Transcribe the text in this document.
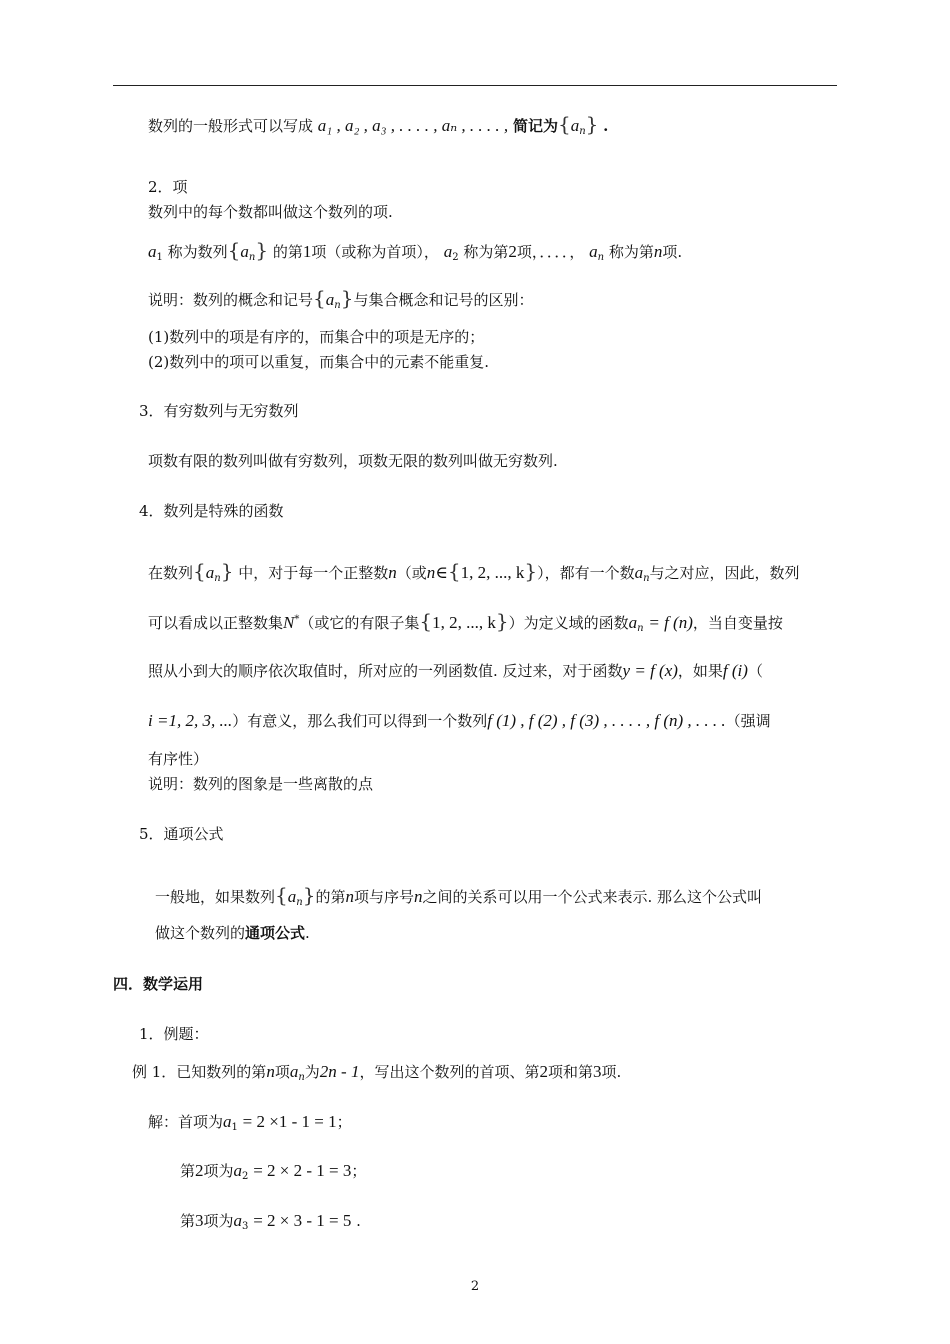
数列的一般形式可以写成 a₁ , a₂ , a₃ , . . . . , aₙ , . . . . , 简记为$\{a_n\}$ .
2．项
数列中的每个数都叫做这个数列的项.
$a_1$ 称为数列$\{a_n\}$ 的第1项（或称为首项）， $a_2$ 称为第2项，．．．．， $a_n$ 称为第n项.
说明：数列的概念和记号$\{a_n\}$与集合概念和记号的区别：
(1)数列中的项是有序的，而集合中的项是无序的；
(2)数列中的项可以重复，而集合中的元素不能重复.
3．有穷数列与无穷数列
项数有限的数列叫做有穷数列，项数无限的数列叫做无穷数列.
4．数列是特殊的函数
在数列$\{a_n\}$ 中，对于每一个正整数n（或n∈{1, 2, ..., k}），都有一个数$a_n$与之对应，因此，数列
可以看成以正整数集N*（或它的有限子集{1, 2, ..., k}）为定义域的函数$a_n = f$ (n)，当自变量按
照从小到大的顺序依次取值时，所对应的一列函数值. 反过来，对于函数y = f (x)，如果f (i)（
i =1, 2, 3, ...）有意义，那么我们可以得到一个数列f (1) , f (2) , f (3) , . . . . , f (n) , . . . .（强调
有序性）
说明：数列的图象是一些离散的点
5．通项公式
一般地，如果数列$\{a_n\}$的第n项与序号n之间的关系可以用一个公式来表示. 那么这个公式叫
做这个数列的通项公式.
四．数学运用
1．例题：
例 1．已知数列的第n项$a_n$为2n - 1，写出这个数列的首项、第2项和第3项.
解：首项为$a_1 = 2 \times 1 - 1 = 1$；
第2项为$a_2 = 2 \times 2 - 1 = 3$；
第3项为$a_3 = 2 \times 3 - 1 = 5$ .
2
